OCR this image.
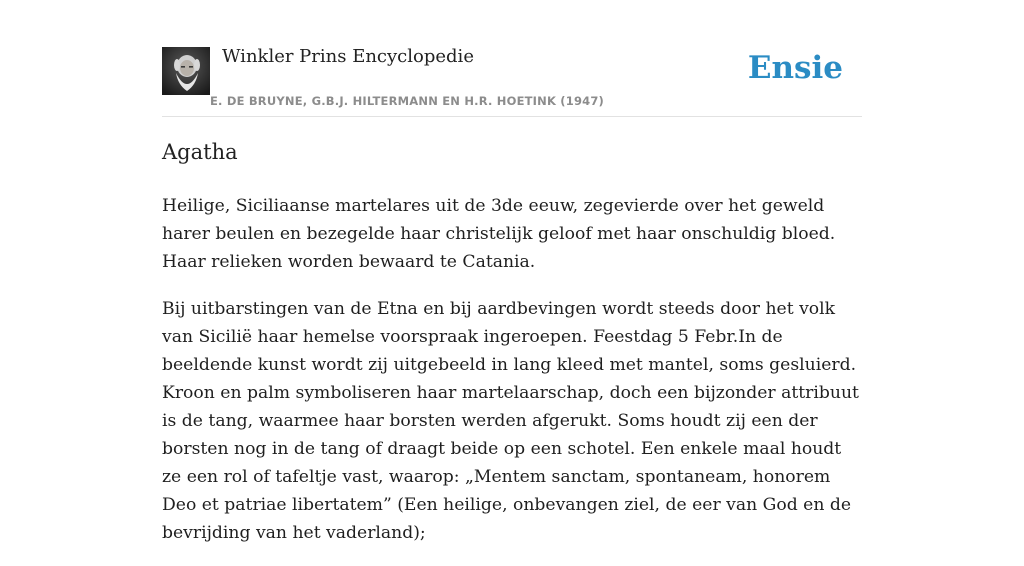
Winkler Prins Encyclopedie
E. DE BRUYNE, G.B.J. HILTERMANN EN H.R. HOETINK (1947)
Ensie
Agatha

Heilige, Siciliaanse martelares uit de 3de eeuw, zegevierde over het geweld harer beulen en bezegelde haar christelijk geloof met haar onschuldig bloed. Haar relieken worden bewaard te Catania.

Bij uitbarstingen van de Etna en bij aardbevingen wordt steeds door het volk van Sicilië haar hemelse voorspraak ingeroepen. Feestdag 5 Febr.In de beeldende kunst wordt zij uitgebeeld in lang kleed met mantel, soms gesluierd. Kroon en palm symboliseren haar martelaarschap, doch een bijzonder attribuut is de tang, waarmee haar borsten werden afgerukt. Soms houdt zij een der borsten nog in de tang of draagt beide op een schotel. Een enkele maal houdt ze een rol of tafeltje vast, waarop: „Mentem sanctam, spontaneam, honorem Deo et patriae libertatem” (Een heilige, onbevangen ziel, de eer van God en de bevrijding van het vaderland);
